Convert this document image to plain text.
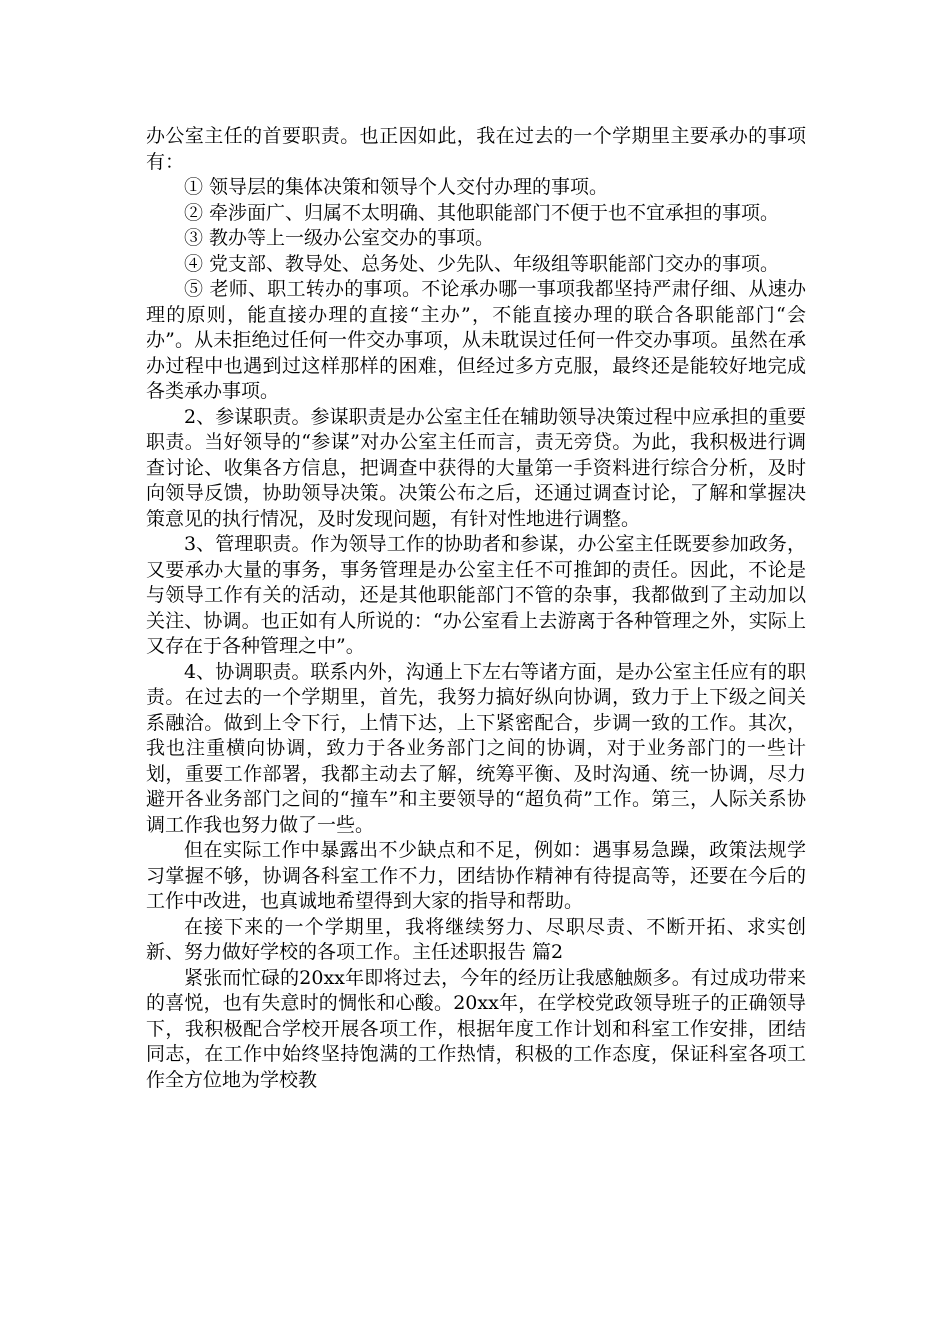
办公室主任的首要职责。也正因如此，我在过去的一个学期里主要承办的事项有：

① 领导层的集体决策和领导个人交付办理的事项。

② 牵涉面广、归属不太明确、其他职能部门不便于也不宜承担的事项。

③ 教办等上一级办公室交办的事项。

④ 党支部、教导处、总务处、少先队、年级组等职能部门交办的事项。

⑤ 老师、职工转办的事项。不论承办哪一事项我都坚持严肃仔细、从速办理的原则，能直接办理的直接“主办”，不能直接办理的联合各职能部门“会办”。从未拒绝过任何一件交办事项，从未耽误过任何一件交办事项。虽然在承办过程中也遇到过这样那样的困难，但经过多方克服，最终还是能较好地完成各类承办事项。

2、参谋职责。参谋职责是办公室主任在辅助领导决策过程中应承担的重要职责。当好领导的“参谋”对办公室主任而言，责无旁贷。为此，我积极进行调查讨论、收集各方信息，把调查中获得的大量第一手资料进行综合分析，及时向领导反馈，协助领导决策。决策公布之后，还通过调查讨论，了解和掌握决策意见的执行情况，及时发现问题，有针对性地进行调整。

3、管理职责。作为领导工作的协助者和参谋，办公室主任既要参加政务，又要承办大量的事务，事务管理是办公室主任不可推卸的责任。因此，不论是与领导工作有关的活动，还是其他职能部门不管的杂事，我都做到了主动加以关注、协调。也正如有人所说的：“办公室看上去游离于各种管理之外，实际上又存在于各种管理之中”。

4、协调职责。联系内外，沟通上下左右等诸方面，是办公室主任应有的职责。在过去的一个学期里，首先，我努力搞好纵向协调，致力于上下级之间关系融洽。做到上令下行，上情下达，上下紧密配合，步调一致的工作。其次，我也注重横向协调，致力于各业务部门之间的协调，对于业务部门的一些计划，重要工作部署，我都主动去了解，统筹平衡、及时沟通、统一协调，尽力避开各业务部门之间的“撞车”和主要领导的“超负荷”工作。第三，人际关系协调工作我也努力做了一些。

但在实际工作中暴露出不少缺点和不足，例如：遇事易急躁，政策法规学习掌握不够，协调各科室工作不力，团结协作精神有待提高等，还要在今后的工作中改进，也真诚地希望得到大家的指导和帮助。

在接下来的一个学期里，我将继续努力、尽职尽责、不断开拓、求实创新、努力做好学校的各项工作。主任述职报告 篇2

紧张而忙碌的20xx年即将过去，今年的经历让我感触颇多。有过成功带来的喜悦，也有失意时的惆怅和心酸。20xx年，在学校党政领导班子的正确领导下，我积极配合学校开展各项工作，根据年度工作计划和科室工作安排，团结同志，在工作中始终坚持饱满的工作热情，积极的工作态度，保证科室各项工作全方位地为学校教
